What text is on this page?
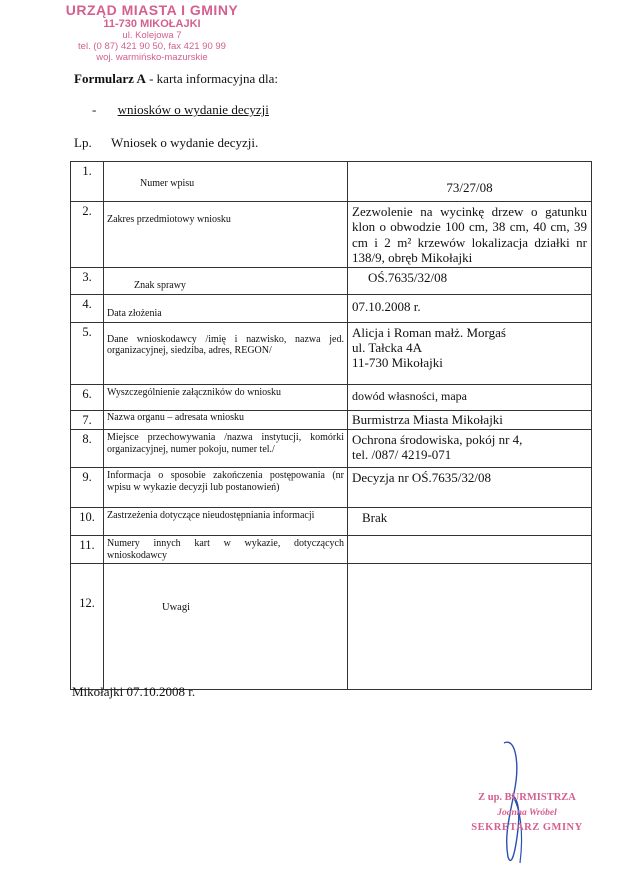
URZĄD MIASTA I GMINY
11-730 MIKOŁAJKI
ul. Kolejowa 7
tel. (0 87) 421 90 50, fax 421 90 99
woj. warmińsko-mazurskie
Formularz A - karta informacyjna dla:
- wniosków o wydanie decyzji
Lp. Wniosek o wydanie decyzji.
1.	Numer wpisu	73/27/08
2.	Zakres przedmiotowy wniosku	Zezwolenie na wycinkę drzew o gatunku klon o obwodzie 100 cm, 38 cm, 40 cm, 39 cm i 2 m² krzewów lokalizacja działki nr 138/9, obręb Mikołajki
3.	Znak sprawy	OŚ.7635/32/08
4.	Data złożenia	07.10.2008 r.
5.	Dane wnioskodawcy /imię i nazwisko, nazwa jed. organizacyjnej, siedziba, adres, REGON/	Alicja i Roman małż. Morgaś
ul. Tałcka 4A
11-730 Mikołajki

6.	Wyszczególnienie załączników do wniosku	dowód własności, mapa
7.	Nazwa organu – adresata wniosku	Burmistrza Miasta Mikołajki
8.	Miejsce przechowywania /nazwa instytucji, komórki organizacyjnej, numer pokoju, numer tel./	Ochrona środowiska, pokój nr 4,
tel. /087/ 4219-071

9.	Informacja o sposobie zakończenia postępowania (nr wpisu w wykazie decyzji lub postanowień)	Decyzja nr OŚ.7635/32/08
10.	Zastrzeżenia dotyczące nieudostępniania informacji	Brak
11.	Numery innych kart w wykazie, dotyczących wnioskodawcy	
12.	Uwagi	
Mikołajki 07.10.2008 r.
Z up. BURMISTRZA
Joanna Wróbel
SEKRETARZ GMINY
